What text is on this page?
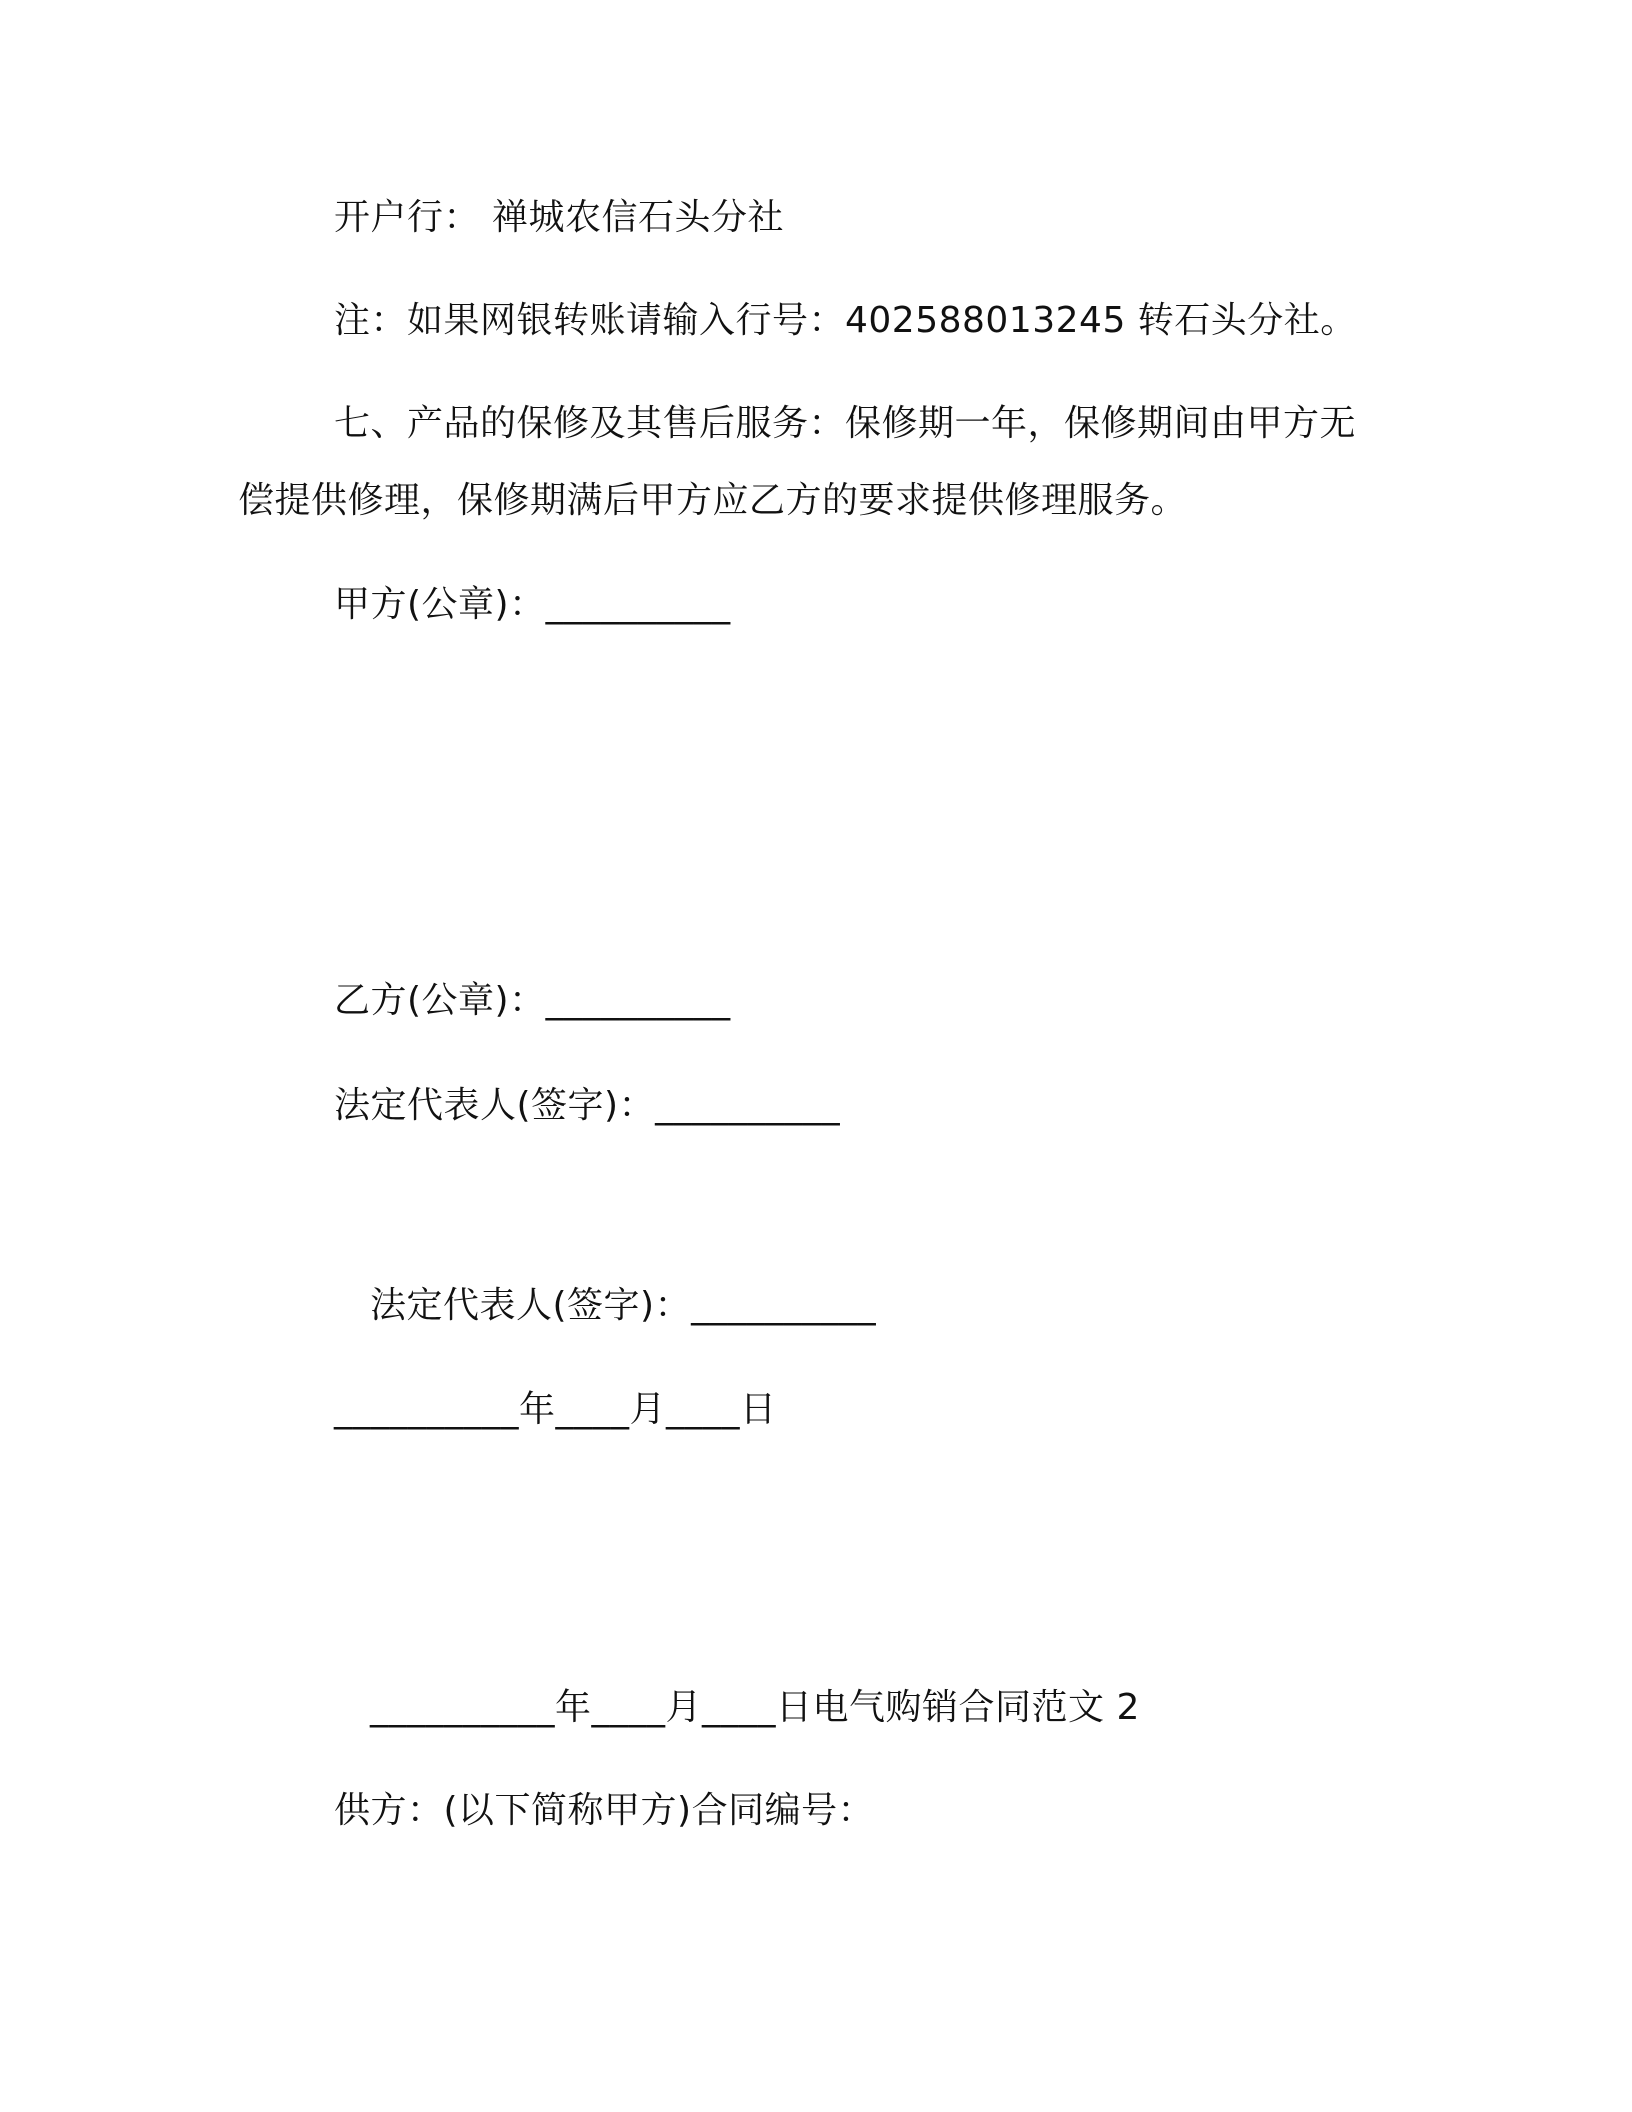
开户行： 禅城农信石头分社
注：如果网银转账请输入行号：402588013245 转石头分社。
七、产品的保修及其售后服务：保修期一年，保修期间由甲方无
偿提供修理，保修期满后甲方应乙方的要求提供修理服务。
甲方(公章)：__________
乙方(公章)：__________
法定代表人(签字)：__________
法定代表人(签字)：__________
__________年____月____日
__________年____月____日电气购销合同范文 2
供方：(以下简称甲方)合同编号：
